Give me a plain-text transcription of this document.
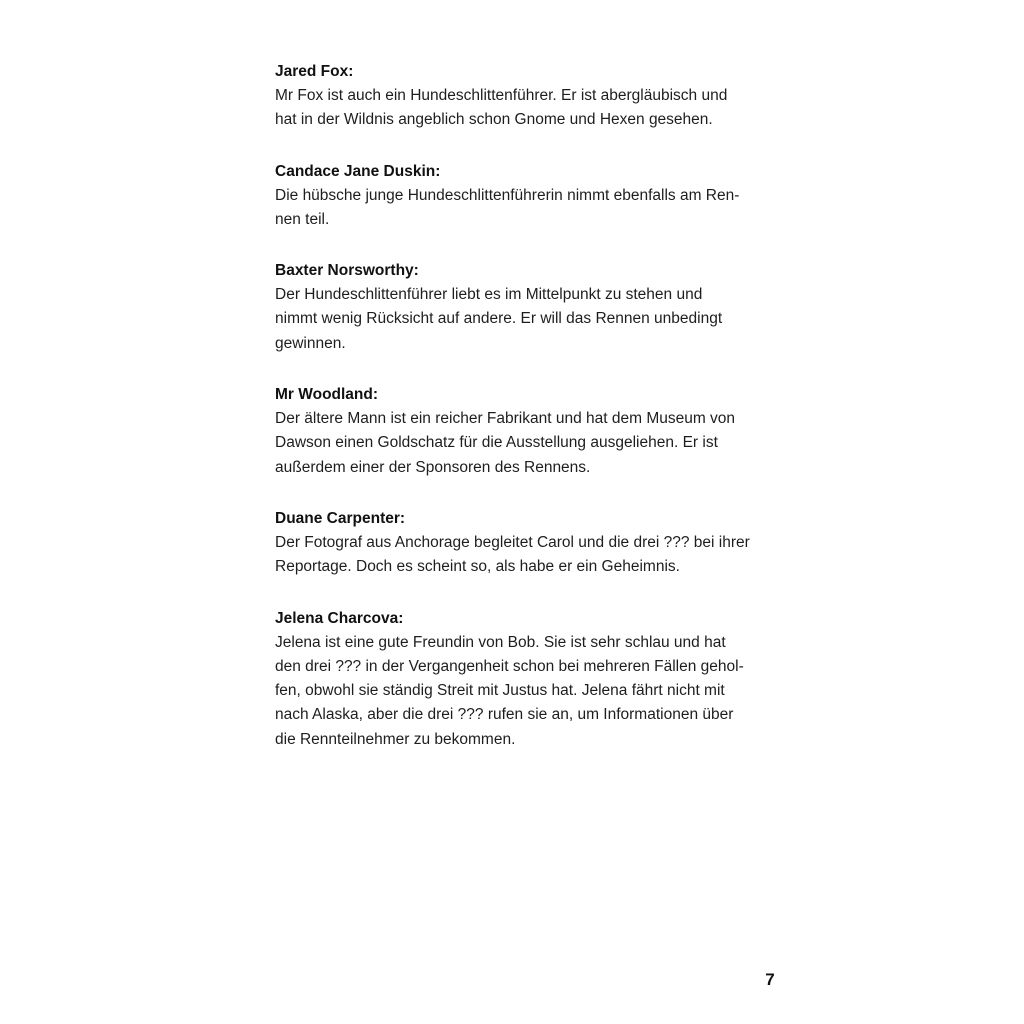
Jared Fox:

Mr Fox ist auch ein Hundeschlittenführer. Er ist abergläubisch und
hat in der Wildnis angeblich schon Gnome und Hexen gesehen.

Candace Jane Duskin:

Die hübsche junge Hundeschlittenführerin nimmt ebenfalls am Ren-
nen teil.

Baxter Norsworthy:

Der Hundeschlittenführer liebt es im Mittelpunkt zu stehen und
nimmt wenig Rücksicht auf andere. Er will das Rennen unbedingt
gewinnen.

Mr Woodland:

Der ältere Mann ist ein reicher Fabrikant und hat dem Museum von
Dawson einen Goldschatz für die Ausstellung ausgeliehen. Er ist
außerdem einer der Sponsoren des Rennens.

Duane Carpenter:

Der Fotograf aus Anchorage begleitet Carol und die drei ??? bei ihrer
Reportage. Doch es scheint so, als habe er ein Geheimnis.

Jelena Charcova:

Jelena ist eine gute Freundin von Bob. Sie ist sehr schlau und hat
den drei ??? in der Vergangenheit schon bei mehreren Fällen gehol-
fen, obwohl sie ständig Streit mit Justus hat. Jelena fährt nicht mit
nach Alaska, aber die drei ??? rufen sie an, um Informationen über
die Rennteilnehmer zu bekommen.

7
